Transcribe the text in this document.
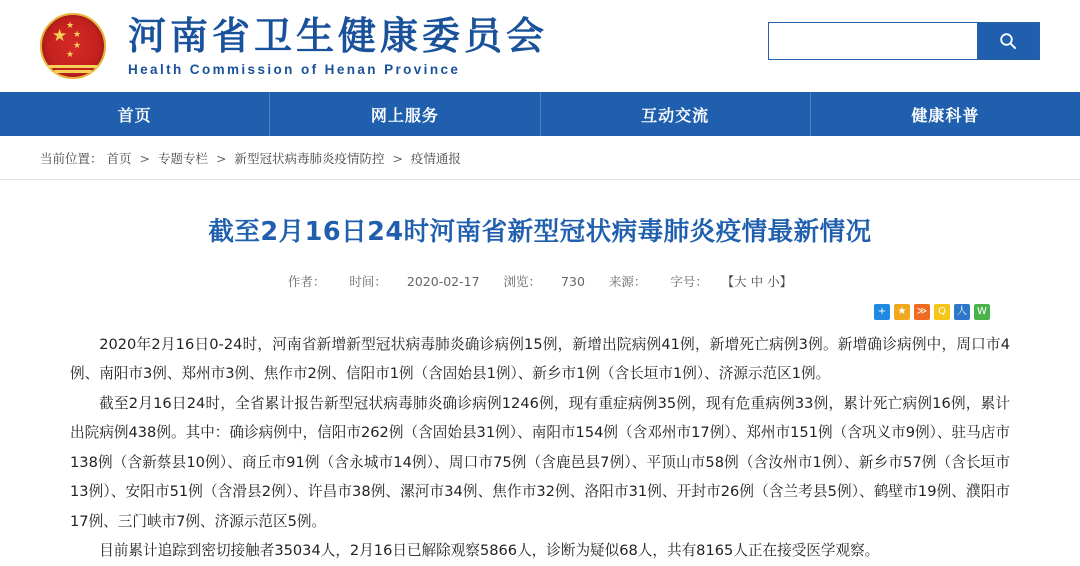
★
★
★
★
★ 河南省卫生健康委员会
Health Commission of Henan Province
首页	网上服务	互动交流	健康科普
当前位置： 首页 > 专题专栏 > 新型冠状病毒肺炎疫情防控 > 疫情通报
截至2月16日24时河南省新型冠状病毒肺炎疫情最新情况
作者： 时间： 2020-02-17 浏览： 730 来源： 字号： 【大 中 小】
+	★	≫	Q	人	W

2020年2月16日0-24时，河南省新增新型冠状病毒肺炎确诊病例15例，新增出院病例41例，新增死亡病例3例。新增确诊病例中，周口市4例、南阳市3例、郑州市3例、焦作市2例、信阳市1例（含固始县1例）、新乡市1例（含长垣市1例）、济源示范区1例。

截至2月16日24时，全省累计报告新型冠状病毒肺炎确诊病例1246例，现有重症病例35例，现有危重病例33例，累计死亡病例16例，累计出院病例438例。其中：确诊病例中，信阳市262例（含固始县31例）、南阳市154例（含邓州市17例）、郑州市151例（含巩义市9例）、驻马店市138例（含新蔡县10例）、商丘市91例（含永城市14例）、周口市75例（含鹿邑县7例）、平顶山市58例（含汝州市1例）、新乡市57例（含长垣市13例）、安阳市51例（含滑县2例）、许昌市38例、漯河市34例、焦作市32例、洛阳市31例、开封市26例（含兰考县5例）、鹤壁市19例、濮阳市17例、三门峡市7例、济源示范区5例。

目前累计追踪到密切接触者35034人，2月16日已解除观察5866人，诊断为疑似68人，共有8165人正在接受医学观察。
